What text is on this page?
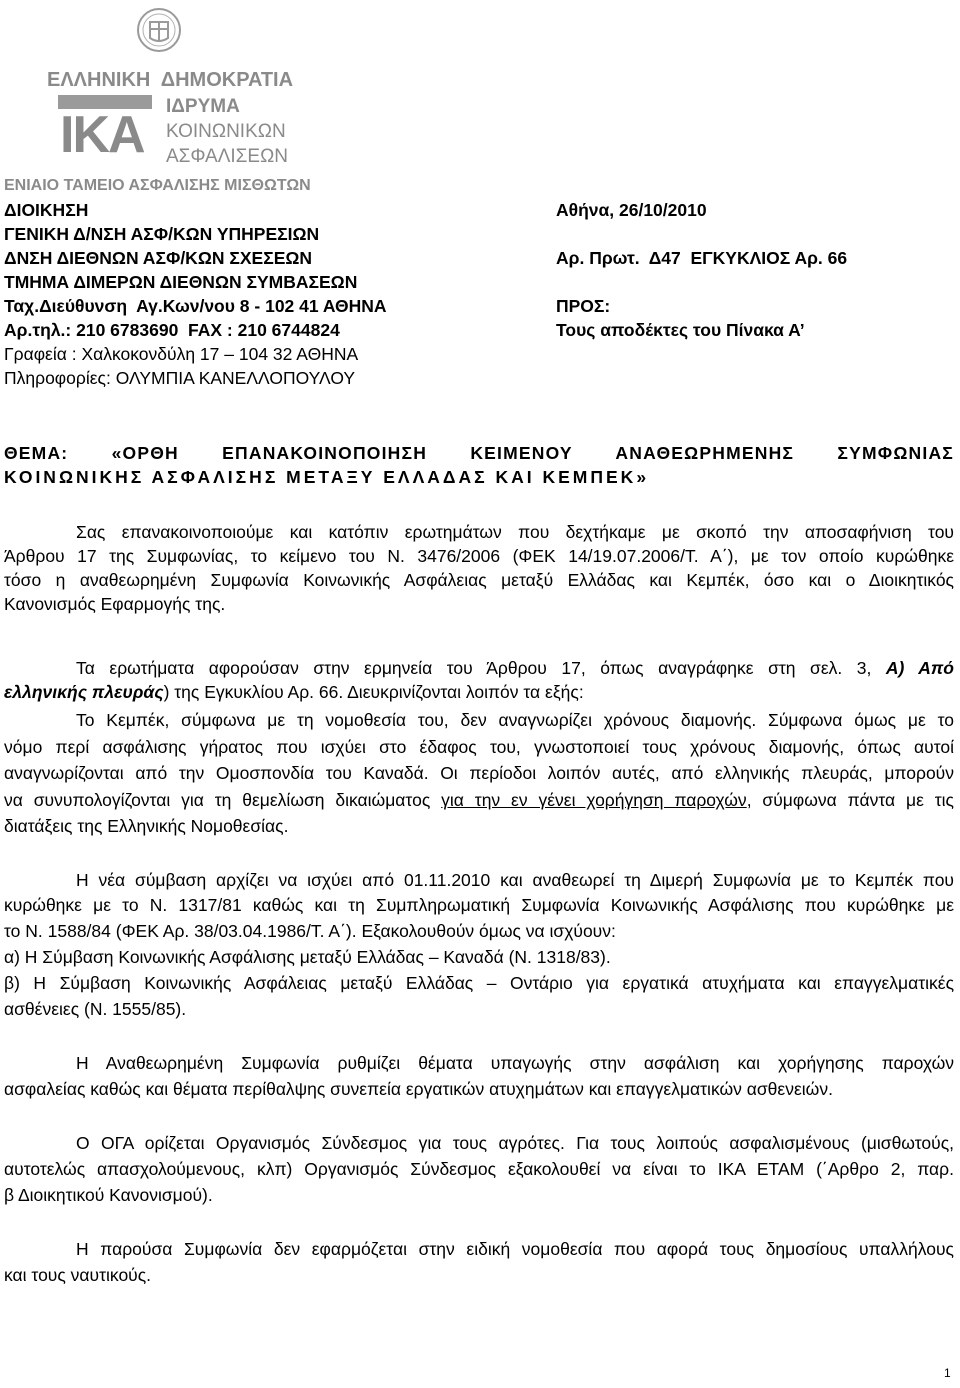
ΕΛΛΗΝΙΚΗ  ΔΗΜΟΚΡΑΤΙΑ
ΙΚΑ ΙΔΡΥΜΑ
ΚΟΙΝΩΝΙΚΩΝ
ΑΣΦΑΛΙΣΕΩΝ
ΕΝΙΑΙΟ ΤΑΜΕΙΟ ΑΣΦΑΛΙΣΗΣ ΜΙΣΘΩΤΩΝ
ΔΙΟΙΚΗΣΗ
ΓΕΝΙΚΗ Δ/ΝΣΗ ΑΣΦ/ΚΩΝ ΥΠΗΡΕΣΙΩΝ
ΔΝΣΗ ΔΙΕΘΝΩΝ ΑΣΦ/ΚΩΝ ΣΧΕΣΕΩΝ
ΤΜΗΜΑ ΔΙΜΕΡΩΝ ΔΙΕΘΝΩΝ ΣΥΜΒΑΣΕΩΝ
Ταχ.Διεύθυνση  Αγ.Κων/νου 8 - 102 41 ΑΘΗΝΑ
Αρ.τηλ.: 210 6783690  FAX : 210 6744824
Γραφεία : Χαλκοκονδύλη 17 – 104 32 ΑΘΗΝΑ
Πληροφορίες: ΟΛΥΜΠΙΑ ΚΑΝΕΛΛΟΠΟΥΛΟΥ
Αθήνα, 26/10/2010
Αρ. Πρωτ.  Δ47  ΕΓΚΥΚΛΙΟΣ Αρ. 66
ΠΡΟΣ:
Τους αποδέκτες του Πίνακα Α’
ΘΕΜΑ: «ΟΡΘΗ ΕΠΑΝΑΚΟΙΝΟΠΟΙΗΣΗ ΚΕΙΜΕΝΟΥ ΑΝΑΘΕΩΡΗΜΕΝΗΣ ΣΥΜΦΩΝΙΑΣ
ΚΟΙΝΩΝΙΚΗΣ ΑΣΦΑΛΙΣΗΣ ΜΕΤΑΞΥ ΕΛΛΑΔΑΣ ΚΑΙ ΚΕΜΠΕΚ»
Σας επανακοινοποιούμε και κατόπιν ερωτημάτων που δεχτήκαμε με σκοπό την αποσαφήνιση του
Άρθρου 17 της Συμφωνίας, το κείμενο του Ν. 3476/2006 (ΦΕΚ 14/19.07.2006/Τ. Α΄), με τον οποίο κυρώθηκε
τόσο η αναθεωρημένη Συμφωνία Κοινωνικής Ασφάλειας μεταξύ Ελλάδας και Κεμπέκ, όσο και ο Διοικητικός
Κανονισμός Εφαρμογής της.
Τα ερωτήματα αφορούσαν στην ερμηνεία του Άρθρου 17, όπως αναγράφηκε στη σελ. 3, Α) Από
ελληνικής πλευράς) της Εγκυκλίου Αρ. 66. Διευκρινίζονται λοιπόν τα εξής:
Το Κεμπέκ, σύμφωνα με τη νομοθεσία του, δεν αναγνωρίζει χρόνους διαμονής. Σύμφωνα όμως με το
νόμο περί ασφάλισης γήρατος που ισχύει στο έδαφος του, γνωστοποιεί τους χρόνους διαμονής, όπως αυτοί
αναγνωρίζονται από την Ομοσπονδία του Καναδά. Οι περίοδοι λοιπόν αυτές, από ελληνικής πλευράς, μπορούν
να συνυπολογίζονται για τη θεμελίωση δικαιώματος για την εν γένει χορήγηση παροχών, σύμφωνα πάντα με τις
διατάξεις της Ελληνικής Νομοθεσίας.
Η νέα σύμβαση αρχίζει να ισχύει από 01.11.2010 και αναθεωρεί τη Διμερή Συμφωνία με το Κεμπέκ που
κυρώθηκε με το Ν. 1317/81 καθώς και τη Συμπληρωματική Συμφωνία Κοινωνικής Ασφάλισης που κυρώθηκε με
το Ν. 1588/84 (ΦΕΚ Αρ. 38/03.04.1986/Τ. Α΄). Εξακολουθούν όμως να ισχύουν:
α) Η Σύμβαση Κοινωνικής Ασφάλισης μεταξύ Ελλάδας – Καναδά (Ν. 1318/83).
β) Η Σύμβαση Κοινωνικής Ασφάλειας μεταξύ Ελλάδας – Οντάριο για εργατικά ατυχήματα και επαγγελματικές
ασθένειες (Ν. 1555/85).
Η Αναθεωρημένη Συμφωνία ρυθμίζει θέματα υπαγωγής στην ασφάλιση και χορήγησης παροχών
ασφαλείας καθώς και θέματα περίθαλψης συνεπεία εργατικών ατυχημάτων και επαγγελματικών ασθενειών.
Ο ΟΓΑ ορίζεται Οργανισμός Σύνδεσμος για τους αγρότες. Για τους λοιπούς ασφαλισμένους (μισθωτούς,
αυτοτελώς απασχολούμενους, κλπ) Οργανισμός Σύνδεσμος εξακολουθεί να είναι το ΙΚΑ ΕΤΑΜ (΄Αρθρο 2, παρ.
β Διοικητικού Κανονισμού).
Η παρούσα Συμφωνία δεν εφαρμόζεται στην ειδική νομοθεσία που αφορά τους δημοσίους υπαλλήλους
και τους ναυτικούς.
1
